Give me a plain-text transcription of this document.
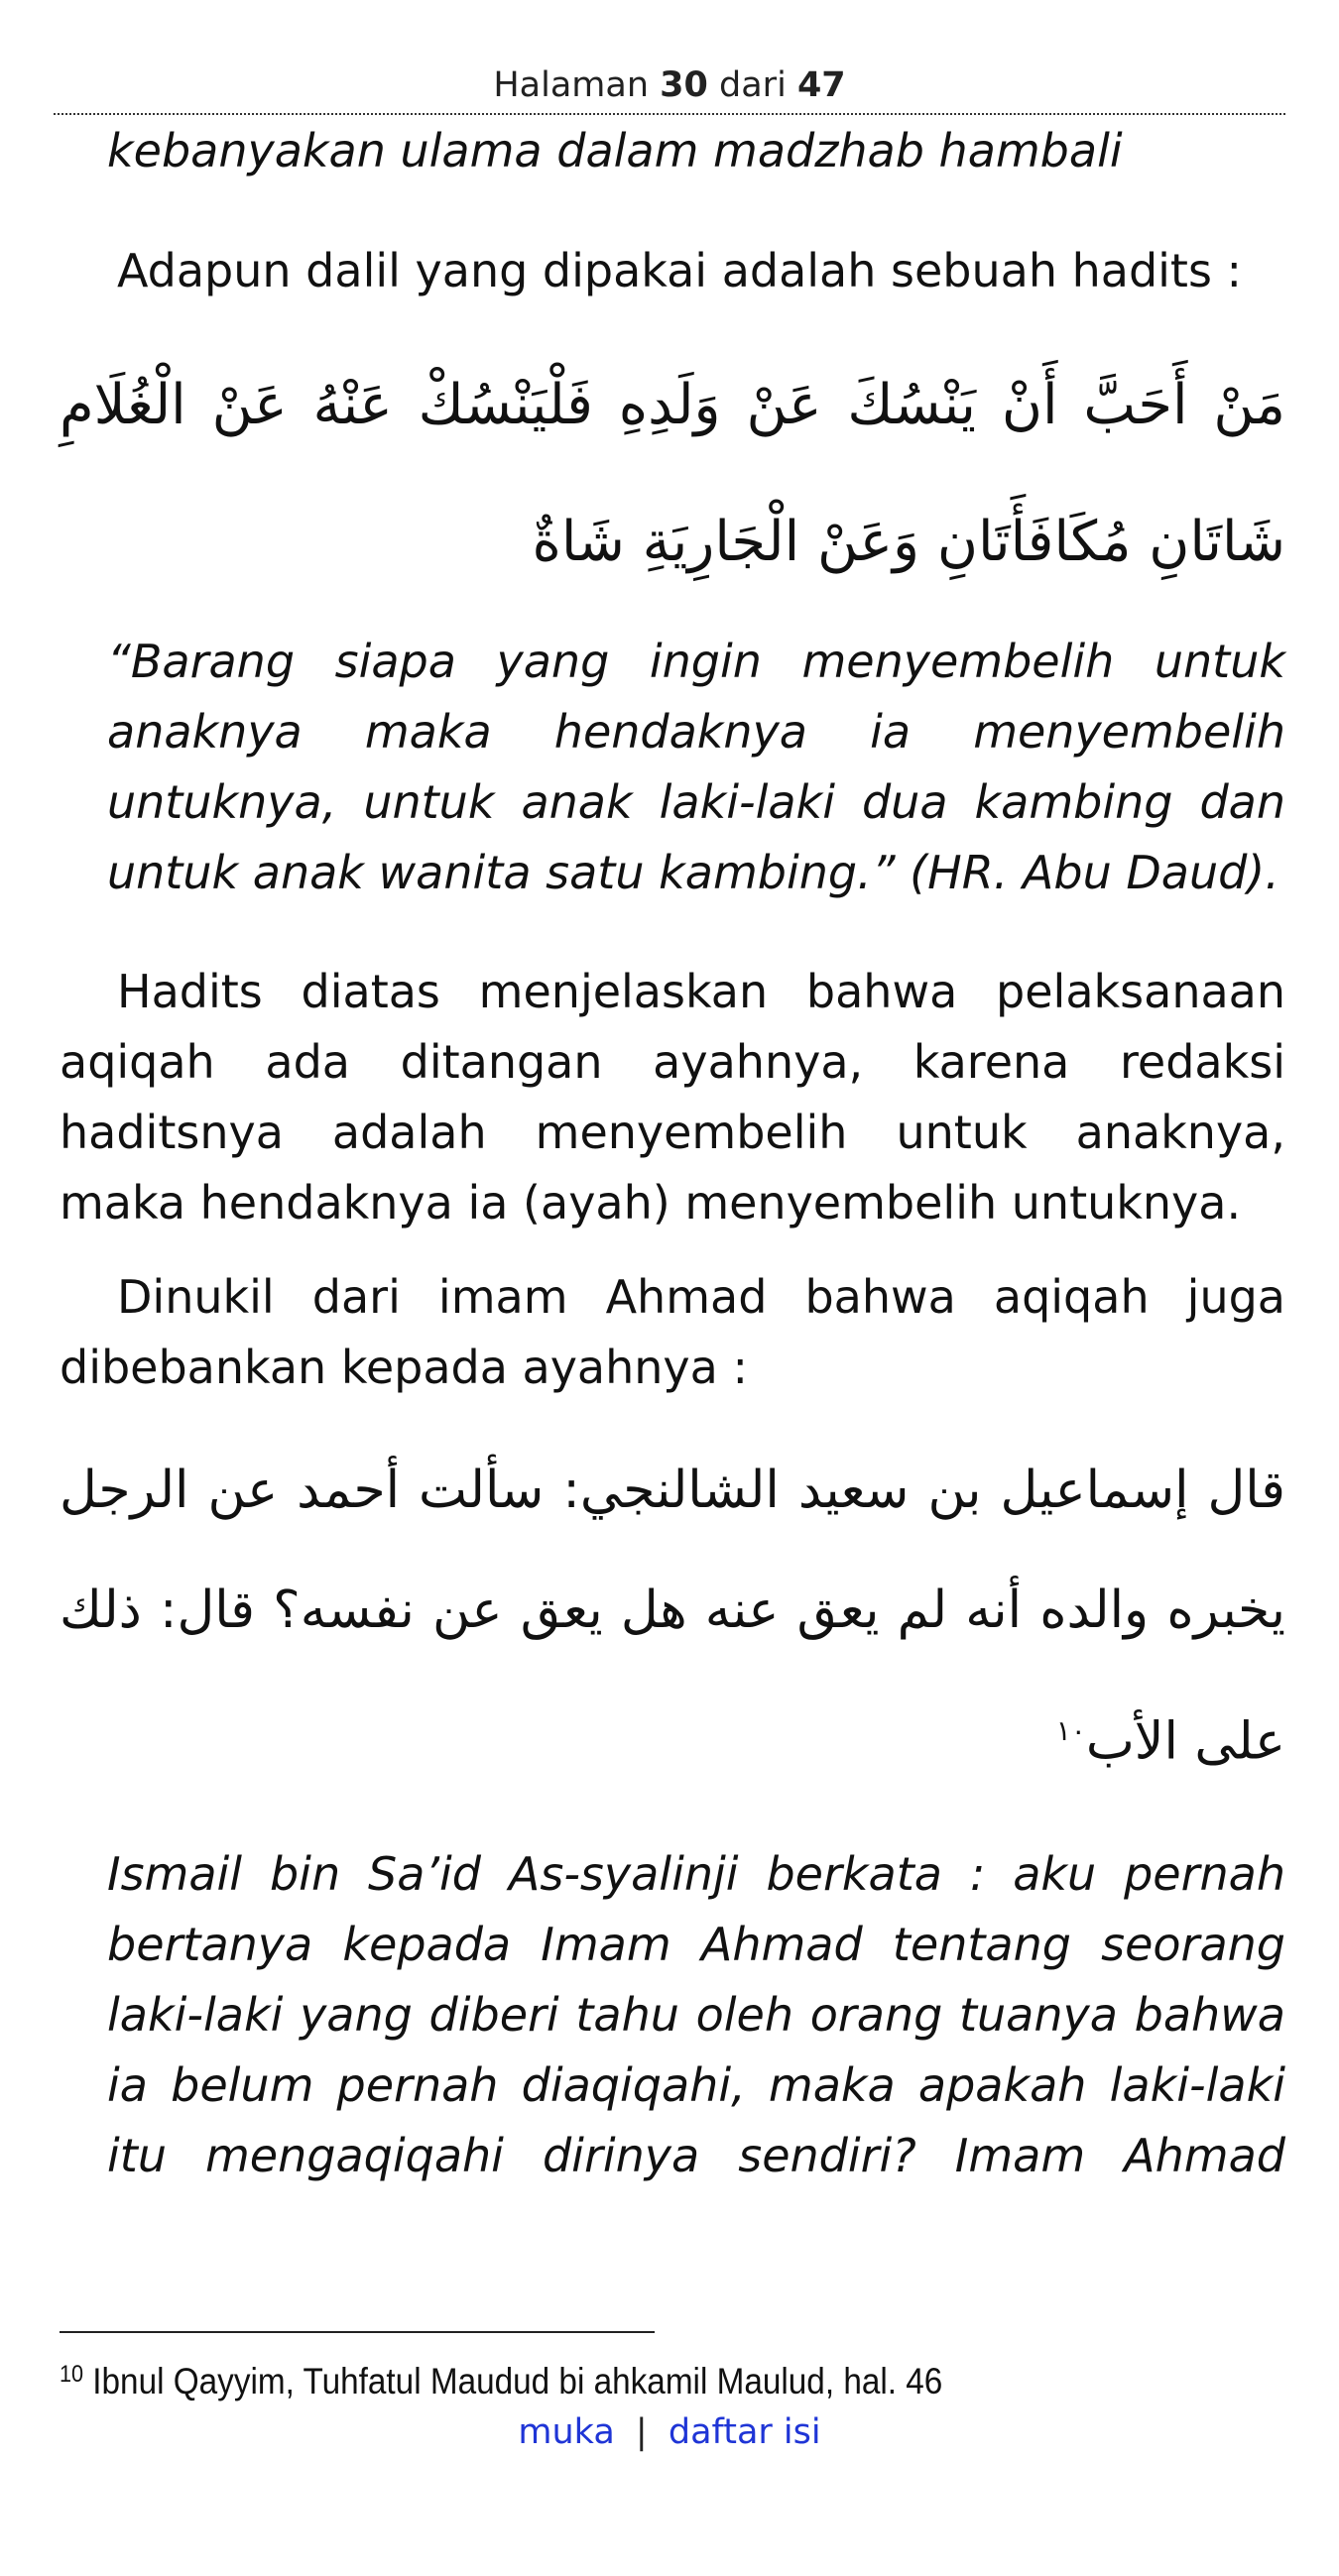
Halaman 30 dari 47
kebanyakan ulama dalam madzhab hambali
Adapun dalil yang dipakai adalah sebuah hadits :
مَنْ أَحَبَّ أَنْ يَنْسُكَ عَنْ وَلَدِهِ فَلْيَنْسُكْ عَنْهُ عَنْ الْغُلَامِ شَاتَانِ مُكَافَأَتَانِ وَعَنْ الْجَارِيَةِ شَاةٌ
“Barang siapa yang ingin menyembelih untuk anaknya maka hendaknya ia menyembelih untuknya, untuk anak laki-laki dua kambing dan untuk anak wanita satu kambing.” (HR. Abu Daud).
Hadits diatas menjelaskan bahwa pelaksanaan aqiqah ada ditangan ayahnya, karena redaksi haditsnya adalah menyembelih untuk anaknya, maka hendaknya ia (ayah) menyembelih untuknya.
Dinukil dari imam Ahmad bahwa aqiqah juga dibebankan kepada ayahnya :
قال إسماعيل بن سعيد الشالنجي: سألت أحمد عن الرجل يخبره والده أنه لم يعق عنه هل يعق عن نفسه؟ قال: ذلك على الأب$^{١٠}$
Ismail bin Sa’id As-syalinji berkata : aku pernah bertanya kepada Imam Ahmad tentang seorang laki-laki yang diberi tahu oleh orang tuanya bahwa ia belum pernah diaqiqahi, maka apakah laki-laki itu mengaqiqahi dirinya sendiri? Imam Ahmad
$^{10}$ Ibnul Qayyim, Tuhfatul Maudud bi ahkamil Maulud, hal. 46
muka | daftar isi
